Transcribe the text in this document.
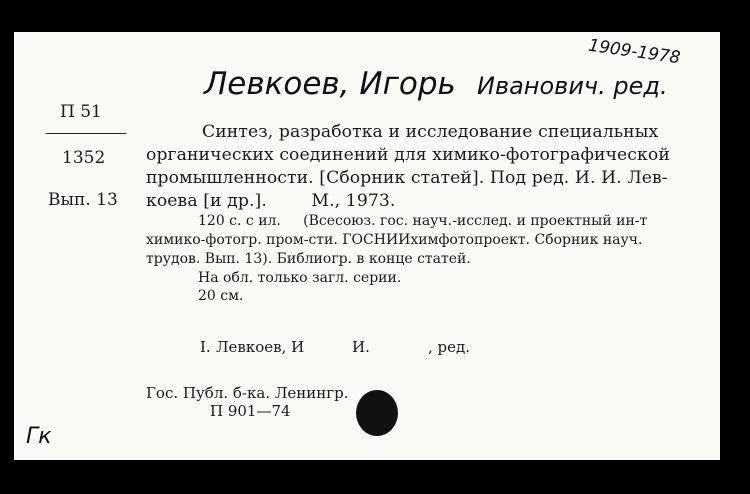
1909-1978
Левкоев, Игорь Иванович. ред.
П 51
1352
Вып. 13
Синтез, разработка и исследование специальных
органических соединений для химико-фотографической
промышленности. [Сборник статей]. Под ред. И. И. Лев-
коева [и др.].        М., 1973.
120 с. с ил.     (Всесоюз. гос. науч.-исслед. и проектный ин-т
химико-фотогр. пром-сти. ГОСНИИхимфотопроект. Сборник науч.
трудов. Вып. 13). Библиогр. в конце статей.
На обл. только загл. серии.
20 см.
I. Левкоев, И	И.	, ред.
Гос. Публ. б-ка. Ленингр.
П 901—74
Гк
